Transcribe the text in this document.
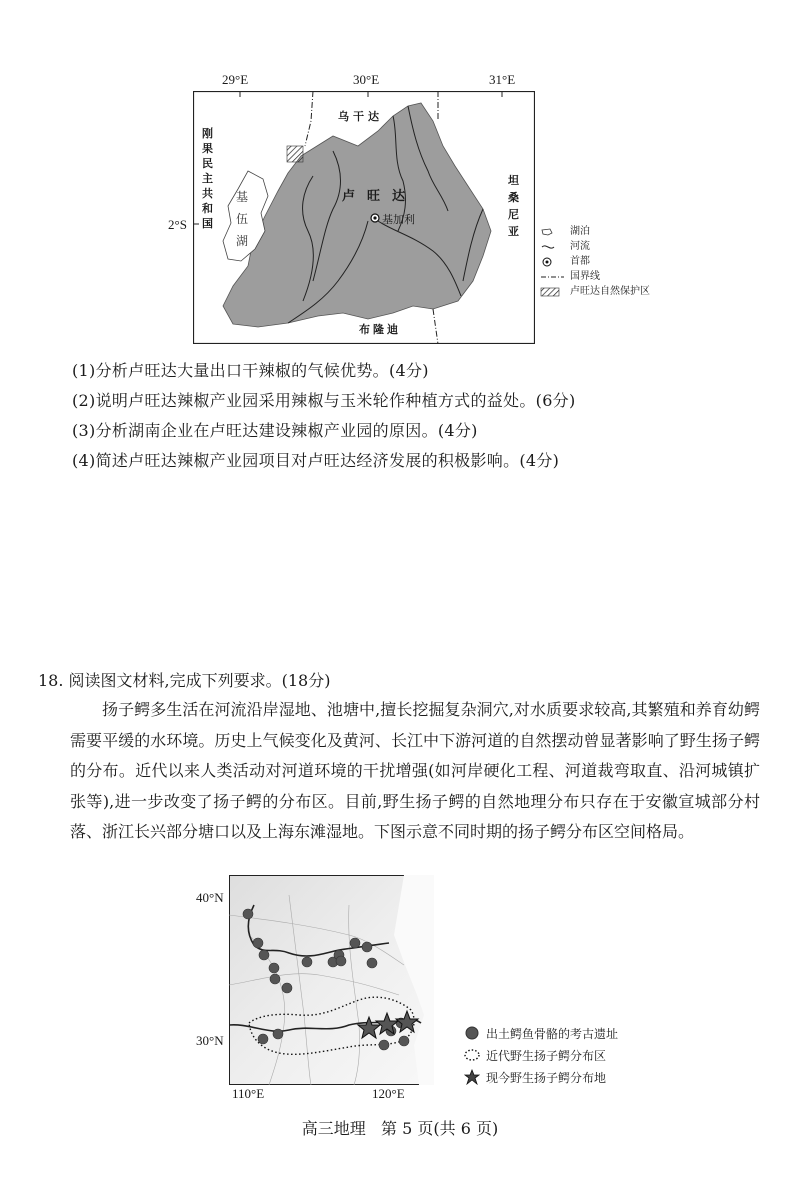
29°E	30°E	31°E
2°S
乌干达
刚果民主共和国
卢旺达
坦桑尼亚
布隆迪
基伍湖
基加利
湖泊
河流
首都
国界线
卢旺达自然保护区
(1)分析卢旺达大量出口干辣椒的气候优势。(4分)
(2)说明卢旺达辣椒产业园采用辣椒与玉米轮作种植方式的益处。(6分)
(3)分析湖南企业在卢旺达建设辣椒产业园的原因。(4分)
(4)简述卢旺达辣椒产业园项目对卢旺达经济发展的积极影响。(4分)
18. 阅读图文材料,完成下列要求。(18分)
扬子鳄多生活在河流沿岸湿地、池塘中,擅长挖掘复杂洞穴,对水质要求较高,其繁殖和养育幼鳄需要平缓的水环境。历史上气候变化及黄河、长江中下游河道的自然摆动曾显著影响了野生扬子鳄的分布。近代以来人类活动对河道环境的干扰增强(如河岸硬化工程、河道裁弯取直、沿河城镇扩张等),进一步改变了扬子鳄的分布区。目前,野生扬子鳄的自然地理分布只存在于安徽宣城部分村落、浙江长兴部分塘口以及上海东滩湿地。下图示意不同时期的扬子鳄分布区空间格局。
40°N
30°N
110°E	120°E
出土鳄鱼骨骼的考古遗址
近代野生扬子鳄分布区
现今野生扬子鳄分布地
高三地理   第 5 页(共 6 页)
